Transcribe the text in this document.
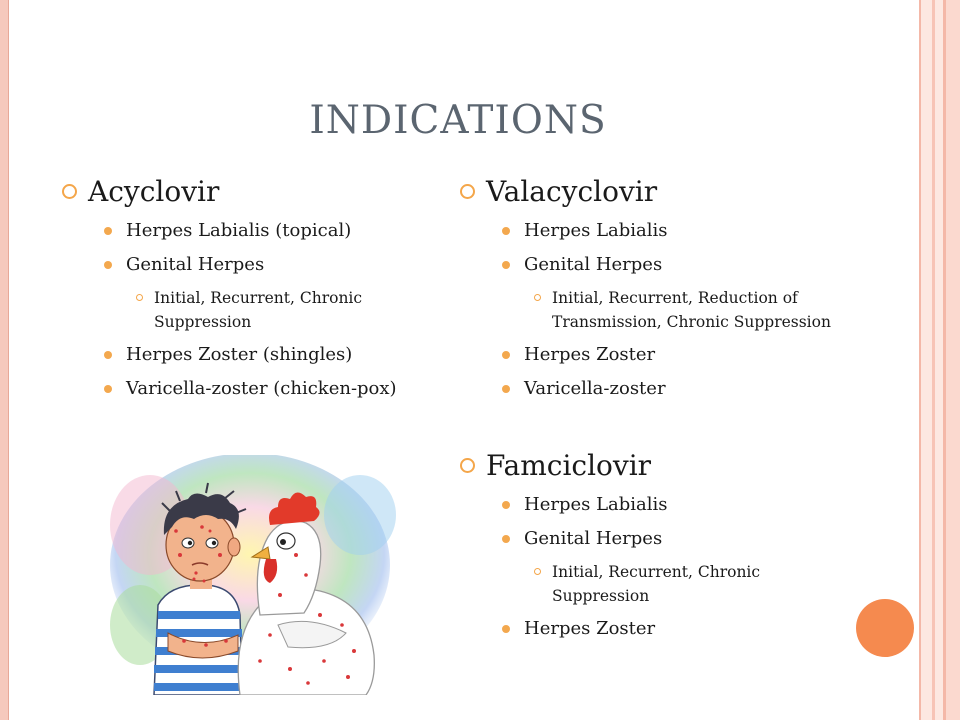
INDICATIONS
Acyclovir
Herpes Labialis (topical)
Genital Herpes
Initial, Recurrent, Chronic Suppression
Herpes Zoster (shingles)
Varicella-zoster (chicken-pox)
Valacyclovir
Herpes Labialis
Genital Herpes
Initial, Recurrent, Reduction of Transmission, Chronic Suppression
Herpes Zoster
Varicella-zoster
Famciclovir
Herpes Labialis
Genital Herpes
Initial, Recurrent, Chronic Suppression
Herpes Zoster
